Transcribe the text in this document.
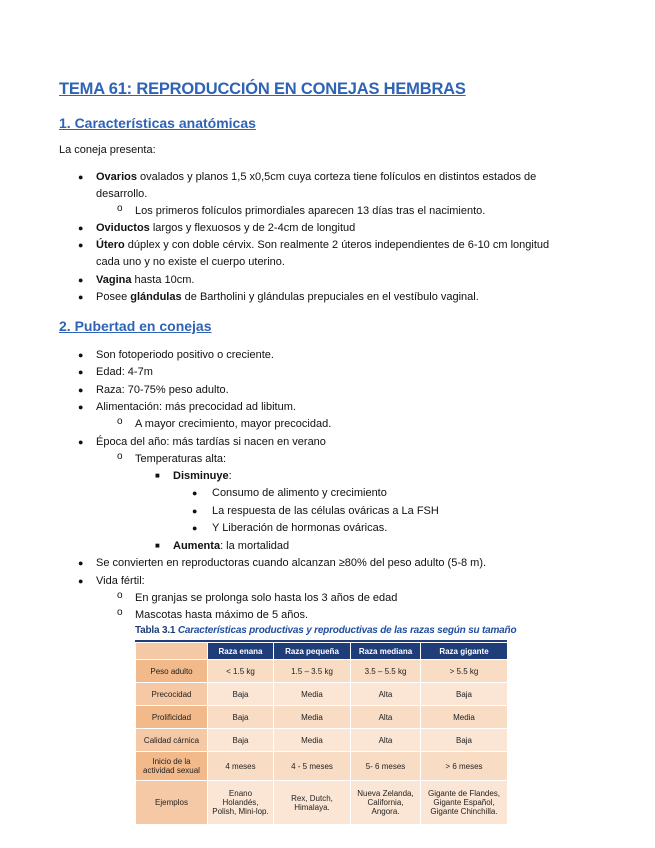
TEMA 61: REPRODUCCIÓN EN CONEJAS HEMBRAS
1. Características anatómicas
La coneja presenta:
● Ovarios ovalados y planos 1,5 x0,5cm cuya corteza tiene folículos en distintos estados de
desarrollo.
o Los primeros folículos primordiales aparecen 13 días tras el nacimiento.
● Oviductos largos y flexuosos y de 2-4cm de longitud
● Útero dúplex y con doble cérvix. Son realmente 2 úteros independientes de 6-10 cm longitud
cada uno y no existe el cuerpo uterino.
● Vagina hasta 10cm.
● Posee glándulas de Bartholini y glándulas prepuciales en el vestíbulo vaginal.
2. Pubertad en conejas
● Son fotoperiodo positivo o creciente.
● Edad: 4-7m
● Raza: 70-75% peso adulto.
● Alimentación: más precocidad ad libitum.
o A mayor crecimiento, mayor precocidad.
● Época del año: más tardías si nacen en verano
o Temperaturas alta:
■ Disminuye:
● Consumo de alimento y crecimiento
● La respuesta de las células ováricas a La FSH
● Y Liberación de hormonas ováricas.
■ Aumenta: la mortalidad
● Se convierten en reproductoras cuando alcanzan ≥80% del peso adulto (5-8 m).
● Vida fértil:
o En granjas se prolonga solo hasta los 3 años de edad
o Mascotas hasta máximo de 5 años.
Tabla 3.1 Características productivas y reproductivas de las razas según su tamaño
	Raza enana	Raza pequeña	Raza mediana	Raza gigante
Peso adulto	< 1.5 kg	1.5 – 3.5 kg	3.5 – 5.5 kg	> 5.5 kg
Precocidad	Baja	Media	Alta	Baja
Prolificidad	Baja	Media	Alta	Media
Calidad cárnica	Baja	Media	Alta	Baja
Inicio de la actividad sexual	4 meses	4 - 5 meses	5- 6 meses	> 6 meses
Ejemplos	Enano Holandés, Polish, Mini-lop.	Rex, Dutch, Himalaya.	Nueva Zelanda, California, Angora.	Gigante de Flandes, Gigante Español, Gigante Chinchilla.
